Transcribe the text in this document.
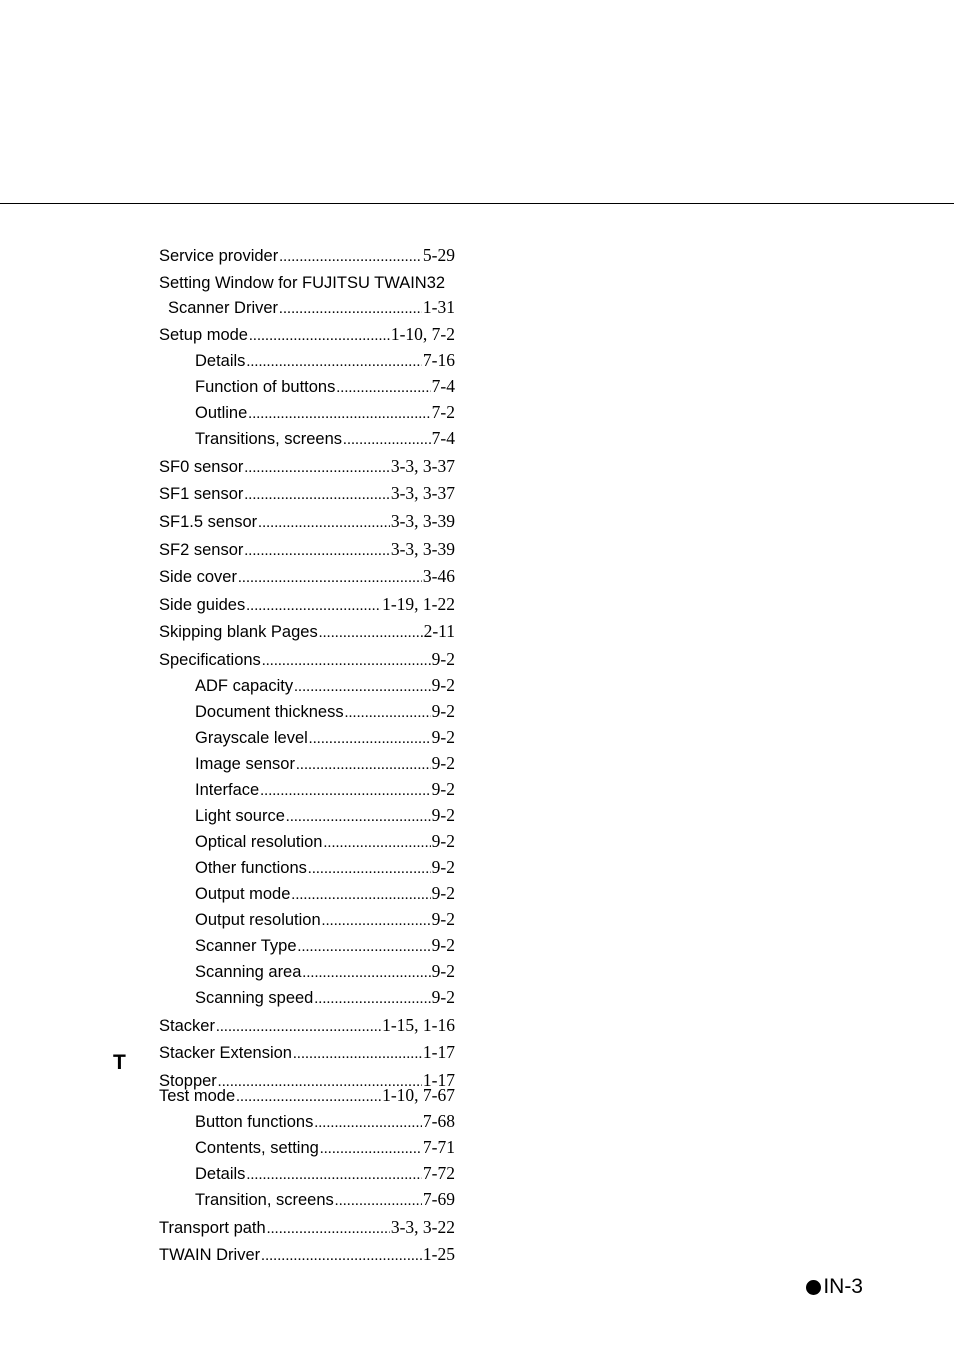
Service provider .....	5-29
Setting Window for FUJITSU TWAIN32
Scanner Driver .....	1-31
Setup mode .....	1-10, 7-2
Details .....	7-16
Function of buttons .....	7-4
Outline .....	7-2
Transitions, screens .....	7-4
SF0 sensor .....	3-3, 3-37
SF1 sensor .....	3-3, 3-37
SF1.5 sensor .....	3-3, 3-39
SF2 sensor .....	3-3, 3-39
Side cover .....	3-46
Side guides .....	1-19, 1-22
Skipping blank Pages .....	2-11
Specifications .....	9-2
ADF capacity .....	9-2
Document thickness .....	9-2
Grayscale level .....	9-2
Image sensor .....	9-2
Interface .....	9-2
Light source .....	9-2
Optical resolution .....	9-2
Other functions .....	9-2
Output mode .....	9-2
Output resolution .....	9-2
Scanner Type .....	9-2
Scanning area .....	9-2
Scanning speed .....	9-2
Stacker .....	1-15, 1-16
Stacker Extension .....	1-17
Stopper .....	1-17
T
Test mode .....	1-10, 7-67
Button functions .....	7-68
Contents, setting .....	7-71
Details .....	7-72
Transition, screens .....	7-69
Transport path .....	3-3, 3-22
TWAIN Driver .....	1-25
IN-3
